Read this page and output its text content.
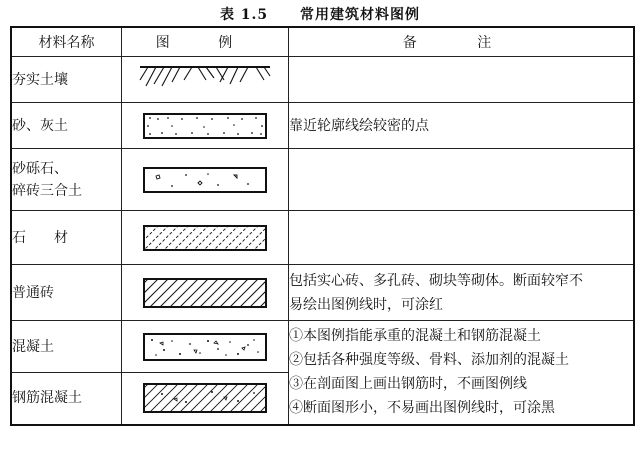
表 1.5 常用建筑材料图例
材料名称	图 例	备 注
夯实土壤	

砂、灰土		靠近轮廓线绘较密的点

砂砾石、
碎砖三合土

石　　材	

普通砖		包括实心砖、多孔砖、砌块等砌体。断面较窄不
易绘出图例线时，可涂红

混凝土		①本图例指能承重的混凝土和钢筋混凝土
②包括各种强度等级、骨料、添加剂的混凝土
③在剖面图上画出钢筋时，不画图例线
④断面图形小，不易画出图例线时，可涂黑

钢筋混凝土	
